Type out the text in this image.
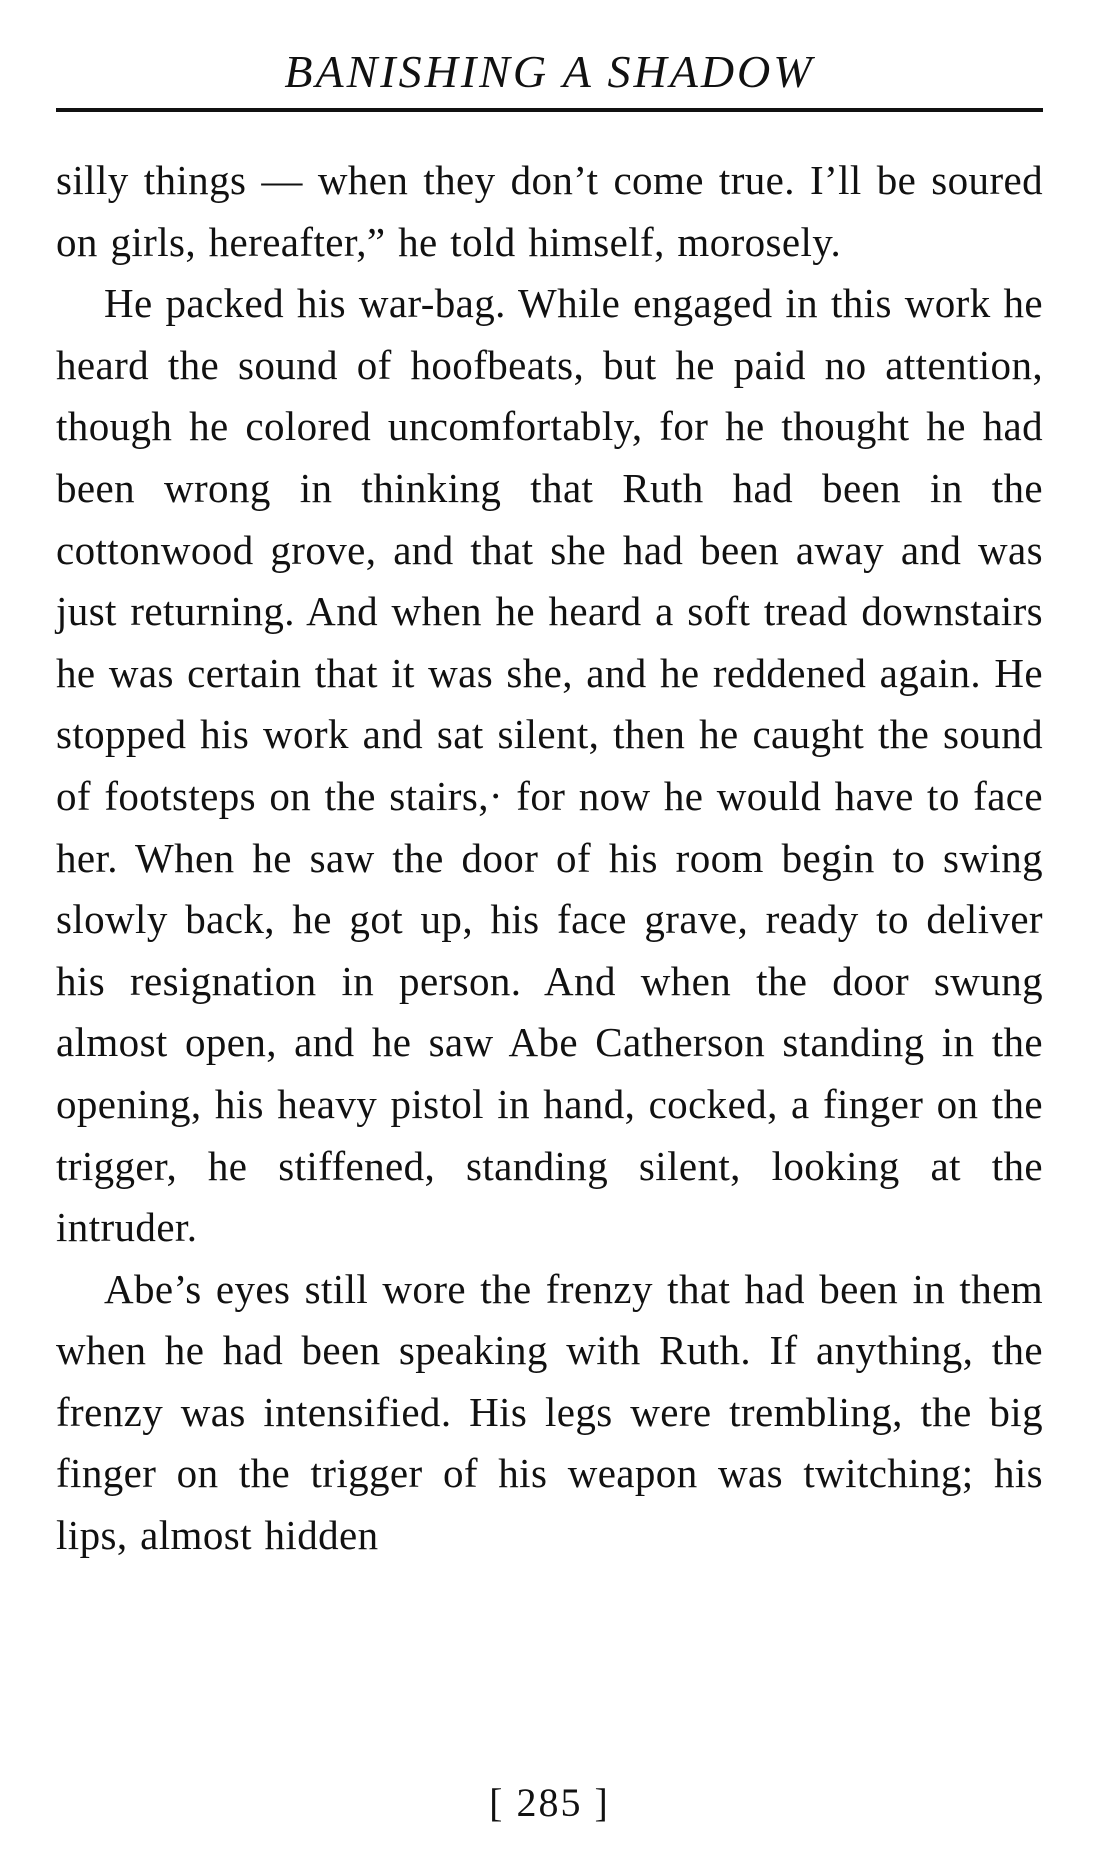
BANISHING A SHADOW

silly things — when they don’t come true. I’ll be soured on girls, hereafter,” he told himself, morosely.

He packed his war-bag. While engaged in this work he heard the sound of hoofbeats, but he paid no attention, though he colored uncomfortably, for he thought he had been wrong in thinking that Ruth had been in the cottonwood grove, and that she had been away and was just returning. And when he heard a soft tread downstairs he was certain that it was she, and he reddened again. He stopped his work and sat silent, then he caught the sound of footsteps on the stairs,· for now he would have to face her. When he saw the door of his room begin to swing slowly back, he got up, his face grave, ready to deliver his resignation in person. And when the door swung almost open, and he saw Abe Catherson standing in the opening, his heavy pistol in hand, cocked, a finger on the trigger, he stiffened, standing silent, looking at the intruder.

Abe’s eyes still wore the frenzy that had been in them when he had been speaking with Ruth. If anything, the frenzy was intensified. His legs were trembling, the big finger on the trigger of his weapon was twitching; his lips, almost hidden

[ 285 ]
